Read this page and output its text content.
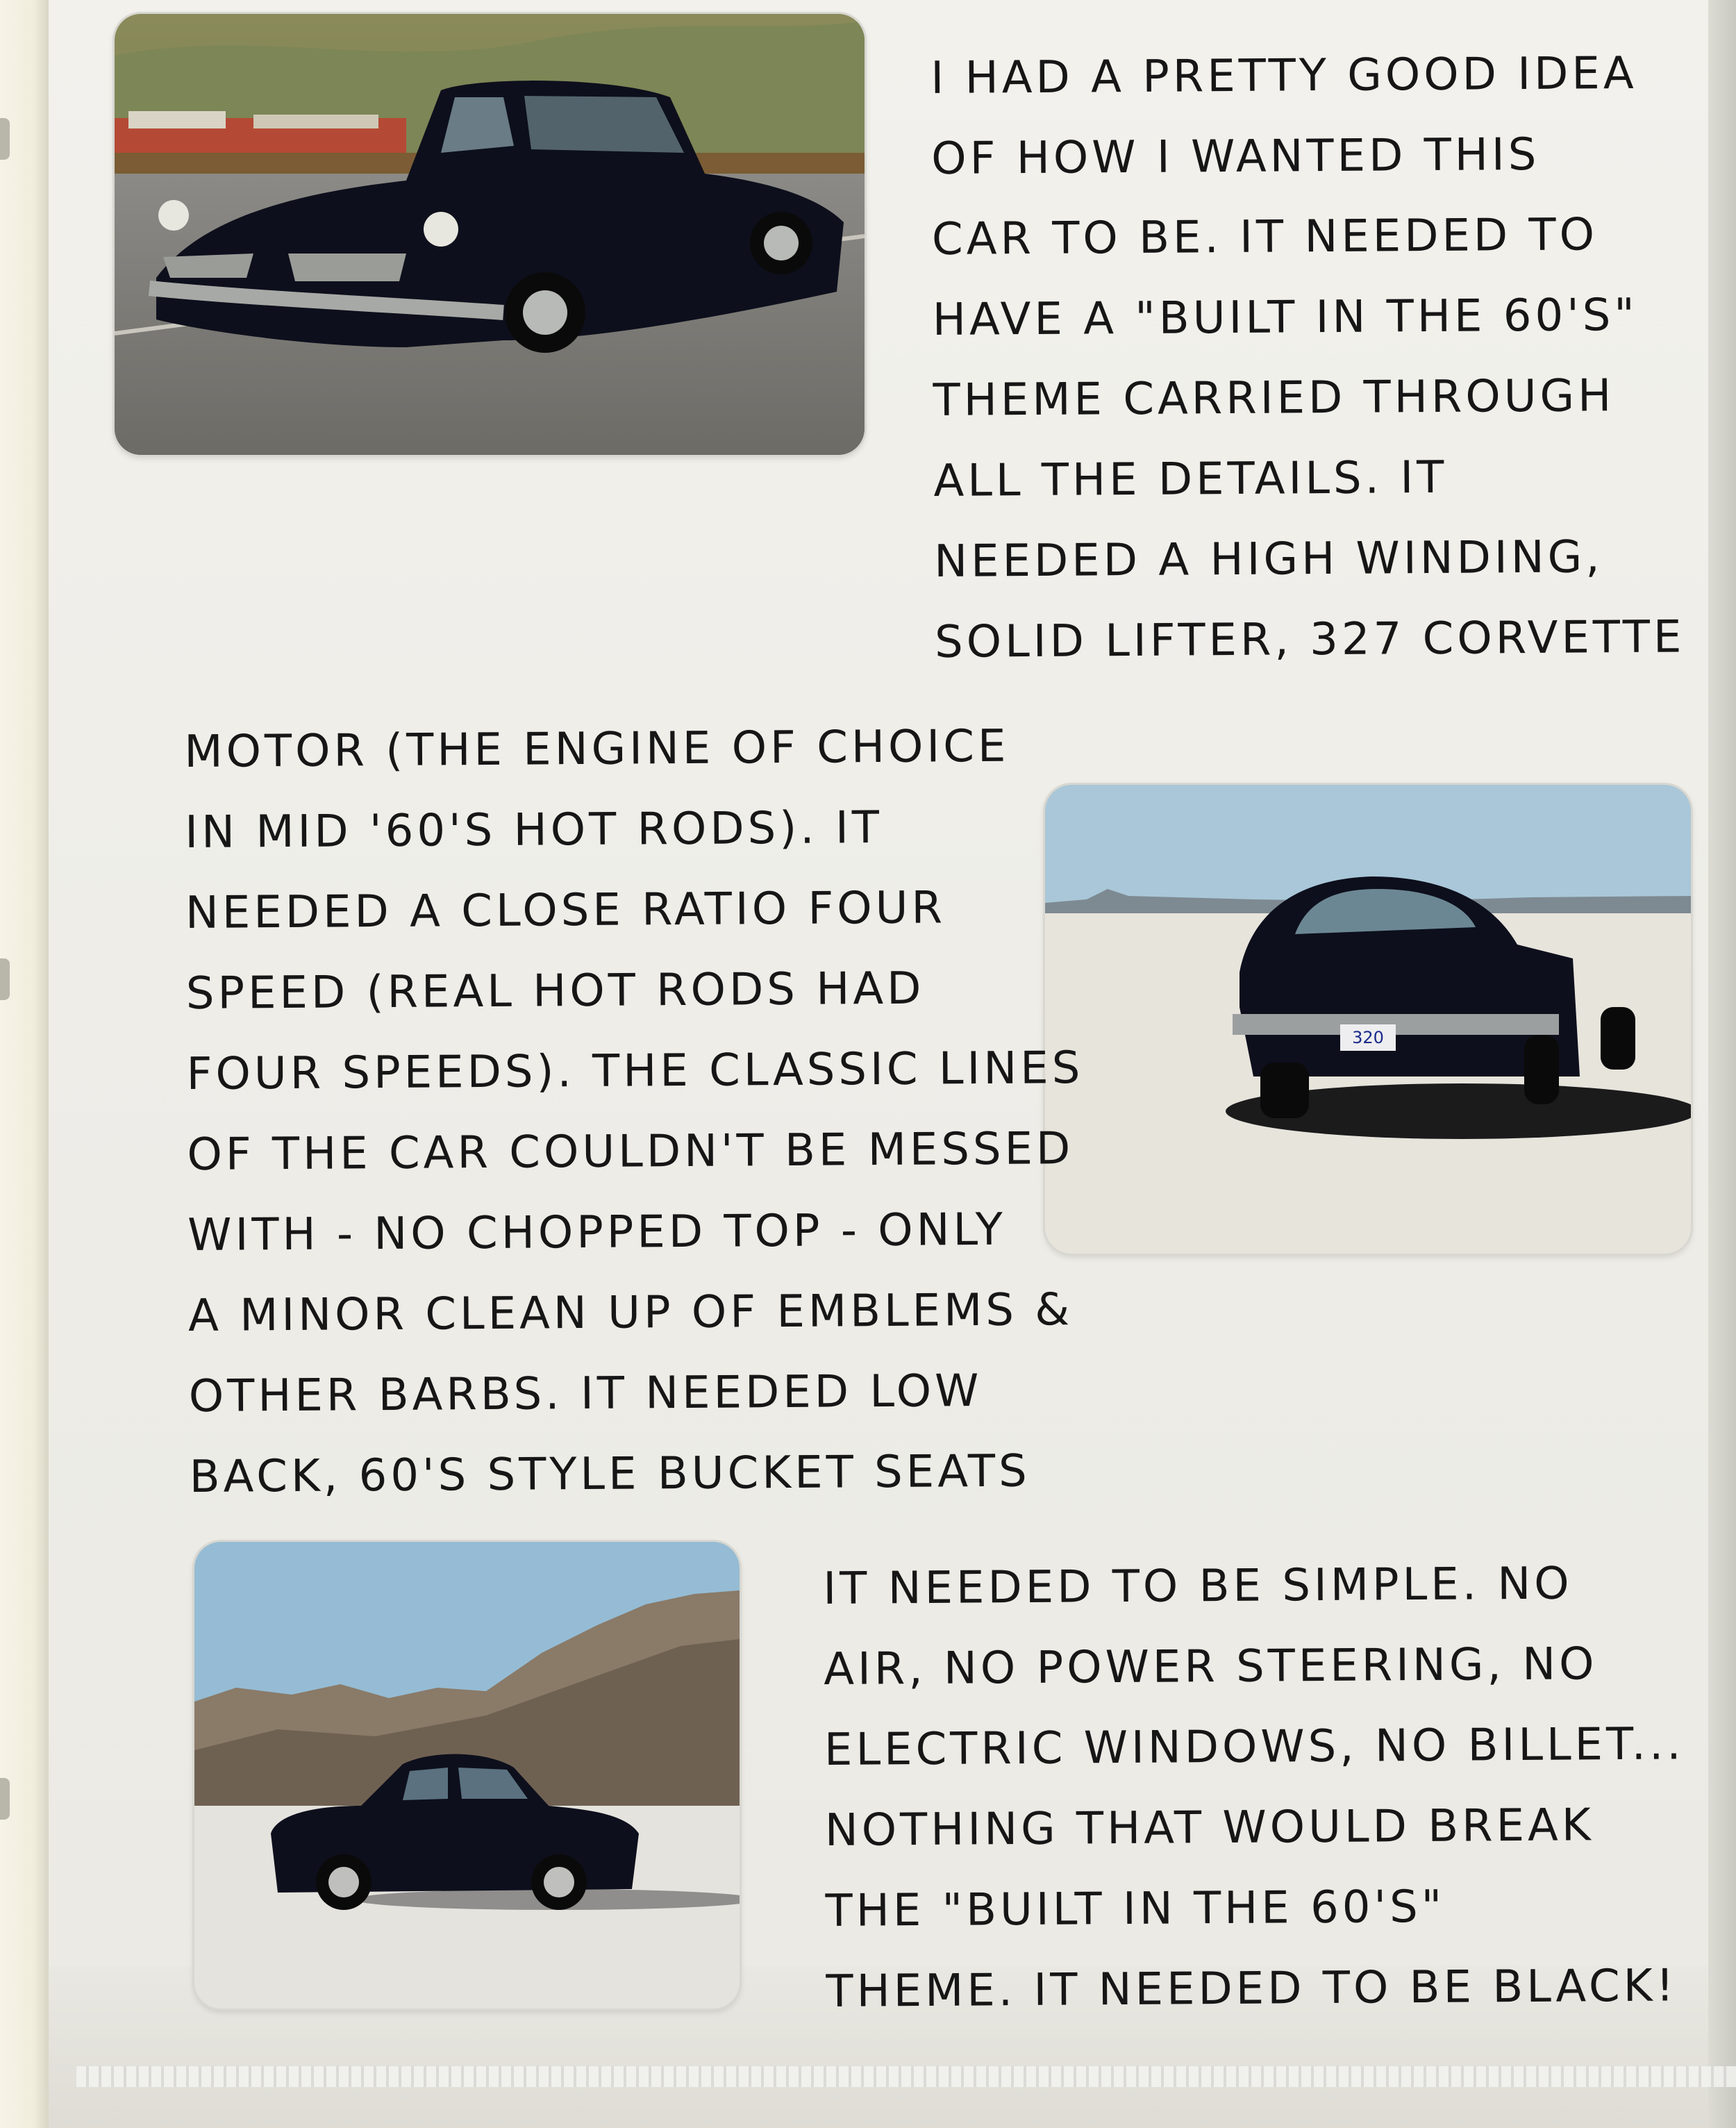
320
I HAD A PRETTY GOOD IDEA
OF HOW I WANTED THIS
CAR TO BE. IT NEEDED TO
HAVE A "BUILT IN THE 60'S"
THEME CARRIED THROUGH
ALL THE DETAILS. IT
NEEDED A HIGH WINDING,
SOLID LIFTER, 327 CORVETTE
MOTOR (THE ENGINE OF CHOICE
IN MID '60'S HOT RODS). IT
NEEDED A CLOSE RATIO FOUR
SPEED (REAL HOT RODS HAD
FOUR SPEEDS). THE CLASSIC LINES
OF THE CAR COULDN'T BE MESSED
WITH - NO CHOPPED TOP - ONLY
A MINOR CLEAN UP OF EMBLEMS &
OTHER BARBS. IT NEEDED LOW
BACK, 60'S STYLE BUCKET SEATS
IT NEEDED TO BE SIMPLE. NO
AIR, NO POWER STEERING, NO
ELECTRIC WINDOWS, NO BILLET...
NOTHING THAT WOULD BREAK
THE "BUILT IN THE 60'S"
THEME. IT NEEDED TO BE BLACK!
